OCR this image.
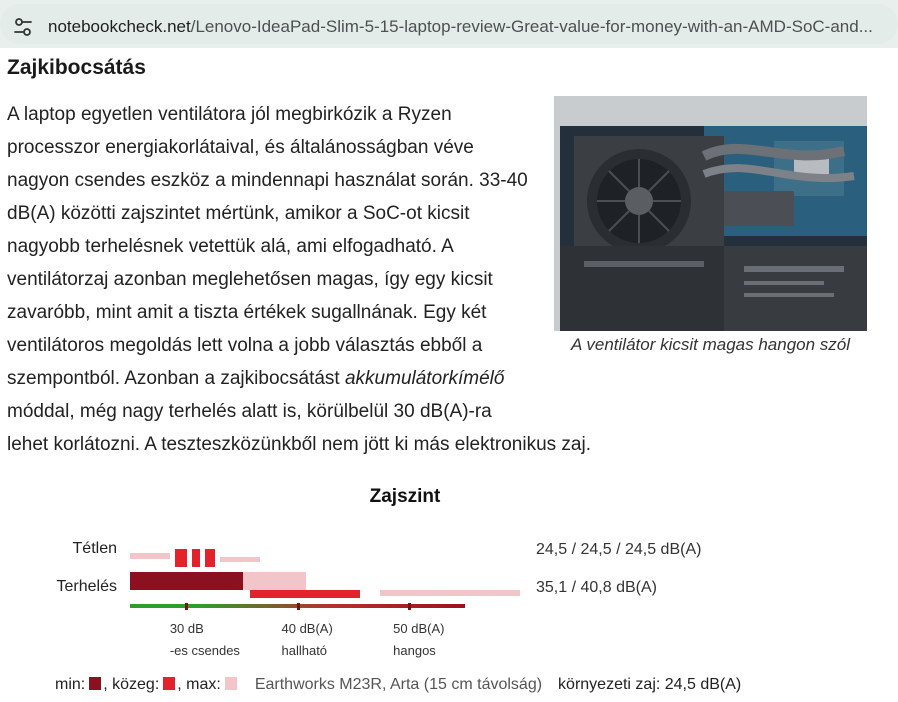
notebookcheck.net/Lenovo-IdeaPad-Slim-5-15-laptop-review-Great-value-for-money-with-an-AMD-SoC-and...
Zajkibocsátás

A laptop egyetlen ventilátora jól megbirkózik a Ryzen
processzor energiakorlátaival, és általánosságban véve
nagyon csendes eszköz a mindennapi használat során. 33-40
dB(A) közötti zajszintet mértünk, amikor a SoC-ot kicsit
nagyobb terhelésnek vetettük alá, ami elfogadható. A
ventilátorzaj azonban meglehetősen magas, így egy kicsit
zavaróbb, mint amit a tiszta értékek sugallnának. Egy két
ventilátoros megoldás lett volna a jobb választás ebből a
szempontból. Azonban a zajkibocsátást akkumulátorkímélő
móddal, még nagy terhelés alatt is, körülbelül 30 dB(A)-ra
lehet korlátozni. A teszteszközünkből nem jött ki más elektronikus zaj.

A ventilátor kicsit magas hangon szól
Zajszint
Tétlen
Terhelés
24,5 / 24,5 / 24,5 dB(A)
35,1 / 40,8 dB(A)
30 dB
-es csendes
40 dB(A)
hallható
50 dB(A)
hangos
min: , közeg: , max: Earthworks M23R, Arta (15 cm távolság) környezeti zaj: 24,5 dB(A)
